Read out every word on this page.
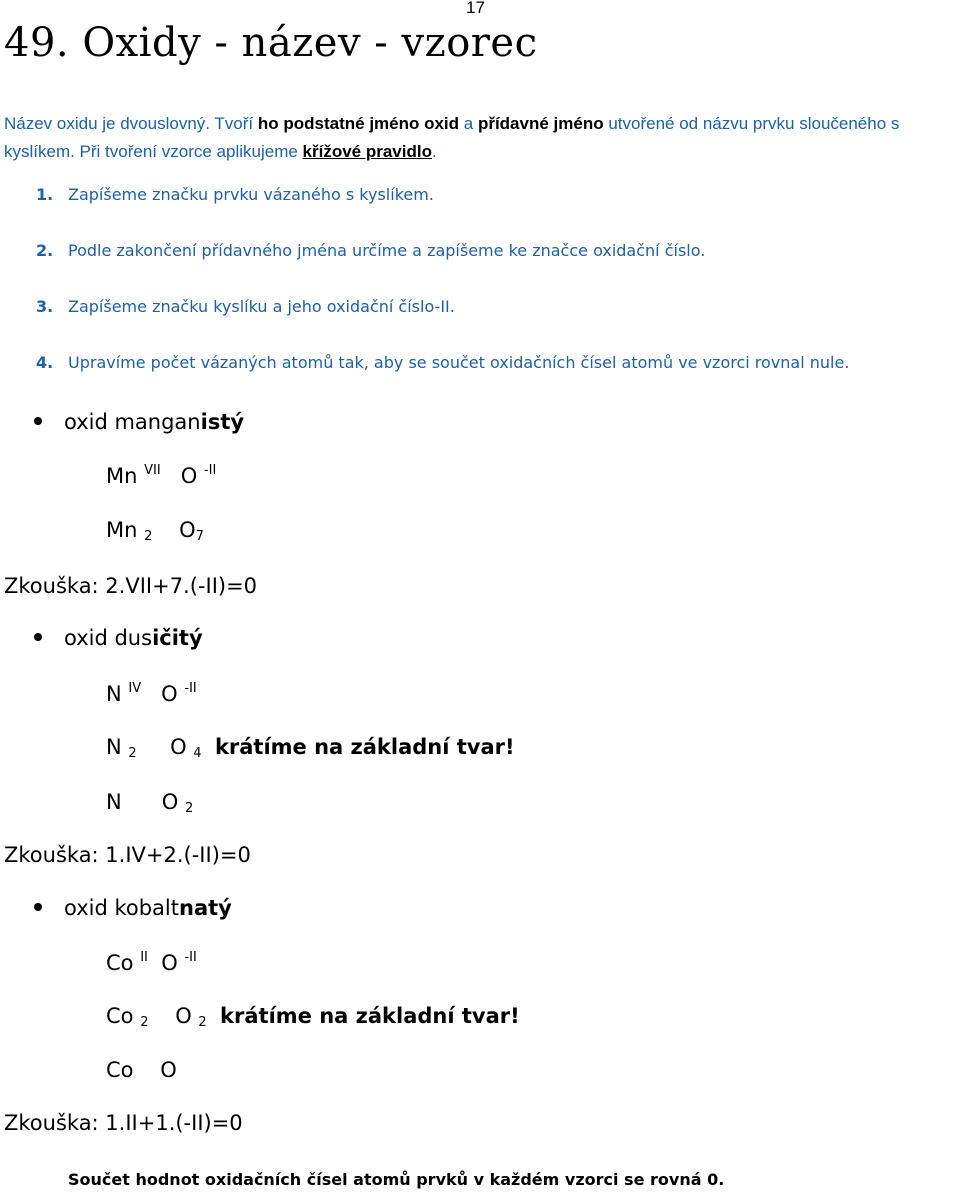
17
49. Oxidy - název - vzorec
Název oxidu je dvouslovný. Tvoří ho podstatné jméno oxid a přídavné jméno utvořené od názvu prvku sloučeného s kyslíkem. Při tvoření vzorce aplikujeme křížové pravidlo.
1. Zapíšeme značku prvku vázaného s kyslíkem.
2. Podle zakončení přídavného jména určíme a zapíšeme ke značce oxidační číslo.
3. Zapíšeme značku kyslíku a jeho oxidační číslo-II.
4. Upravíme počet vázaných atomů tak, aby se součet oxidačních čísel atomů ve vzorci rovnal nule.
oxid manganistý
Mn $^{VII}$ O $^{-II}$
Mn $_2$ $O_7$
Zkouška: 2.VII+7.(-II)=0
oxid dusičitý
N $^{IV}$ O $^{-II}$
N $_2$ O $_4$ krátíme na základní tvar!
N O $_2$
Zkouška: 1.IV+2.(-II)=0
oxid kobaltnatý
Co $^{II}$ O $^{-II}$
Co $_2$ O $_2$ krátíme na základní tvar!
Co O
Zkouška: 1.II+1.(-II)=0
Součet hodnot oxidačních čísel atomů prvků v každém vzorci se rovná 0.
